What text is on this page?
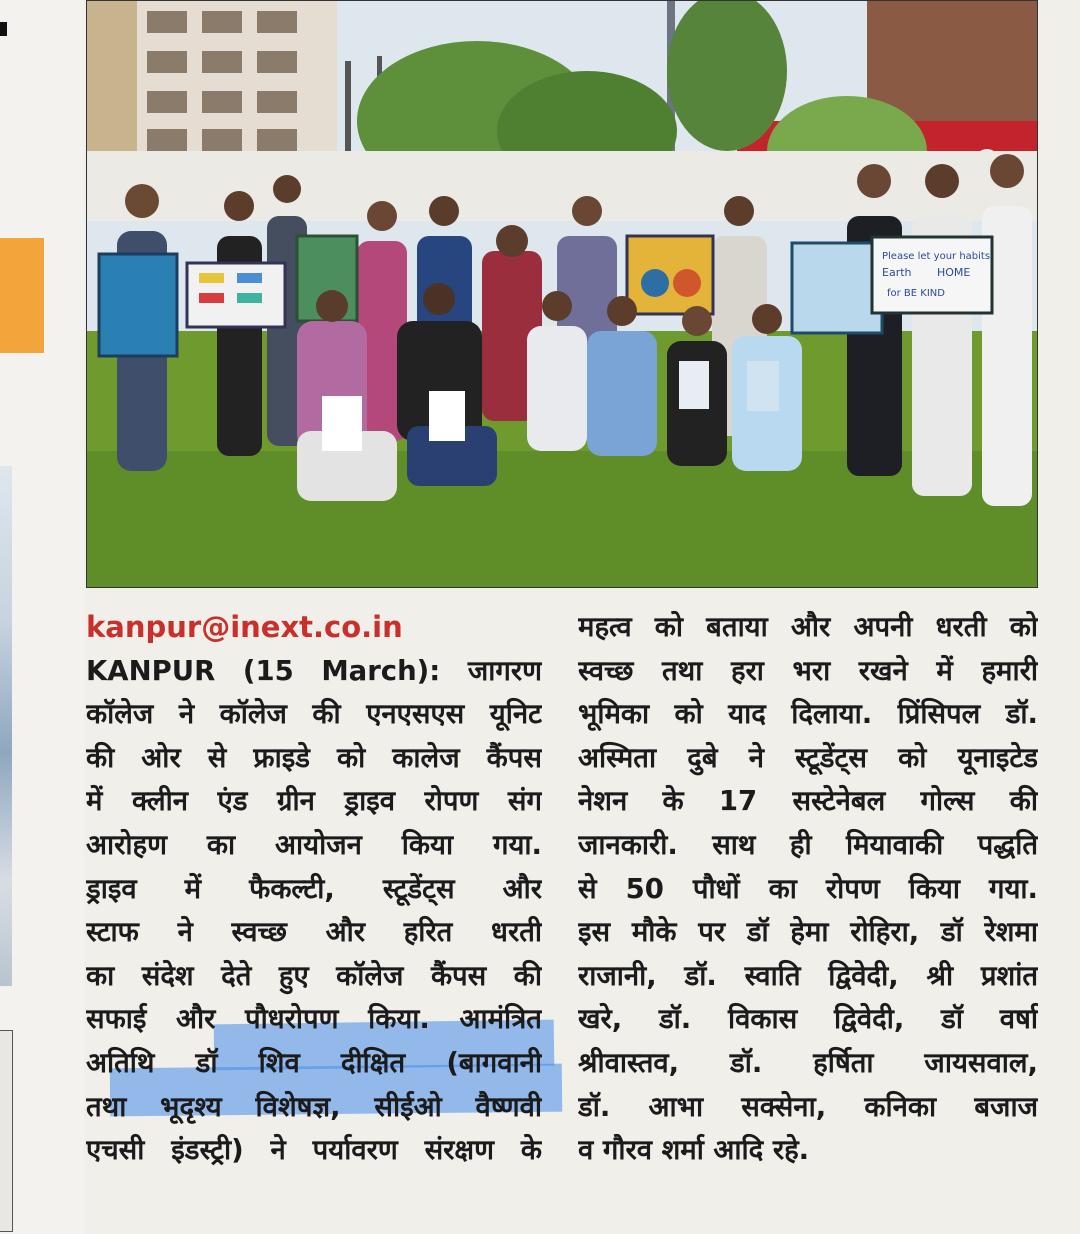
Please let your habits
Earth HOME
for BE KIND
kanpur@inext.co.in
KANPUR (15 March): जागरण
कॉलेज ने कॉलेज की एनएसएस यूनिट
की ओर से फ्राइडे को कालेज कैंपस
में क्लीन एंड ग्रीन ड्राइव रोपण संग
आरोहण का आयोजन किया गया.
ड्राइव में फैकल्टी, स्टूडेंट्स और
स्टाफ ने स्वच्छ और हरित धरती
का संदेश देते हुए कॉलेज कैंपस की
सफाई और पौधरोपण किया. आमंत्रित
अतिथि डॉ शिव दीक्षित (बागवानी
तथा भूदृश्य विशेषज्ञ, सीईओ वैष्णवी
एचसी इंडस्ट्री) ने पर्यावरण संरक्षण के
महत्व को बताया और अपनी धरती को
स्वच्छ तथा हरा भरा रखने में हमारी
भूमिका को याद दिलाया. प्रिंसिपल डॉ.
अस्मिता दुबे ने स्टूडेंट्स को यूनाइटेड
नेशन के 17 सस्टेनेबल गोल्स की
जानकारी. साथ ही मियावाकी पद्धति
से 50 पौधों का रोपण किया गया.
इस मौके पर डॉ हेमा रोहिरा, डॉ रेशमा
राजानी, डॉ. स्वाति द्विवेदी, श्री प्रशांत
खरे, डॉ. विकास द्विवेदी, डॉ वर्षा
श्रीवास्तव, डॉ. हर्षिता जायसवाल,
डॉ. आभा सक्सेना, कनिका बजाज
व गौरव शर्मा आदि रहे.
